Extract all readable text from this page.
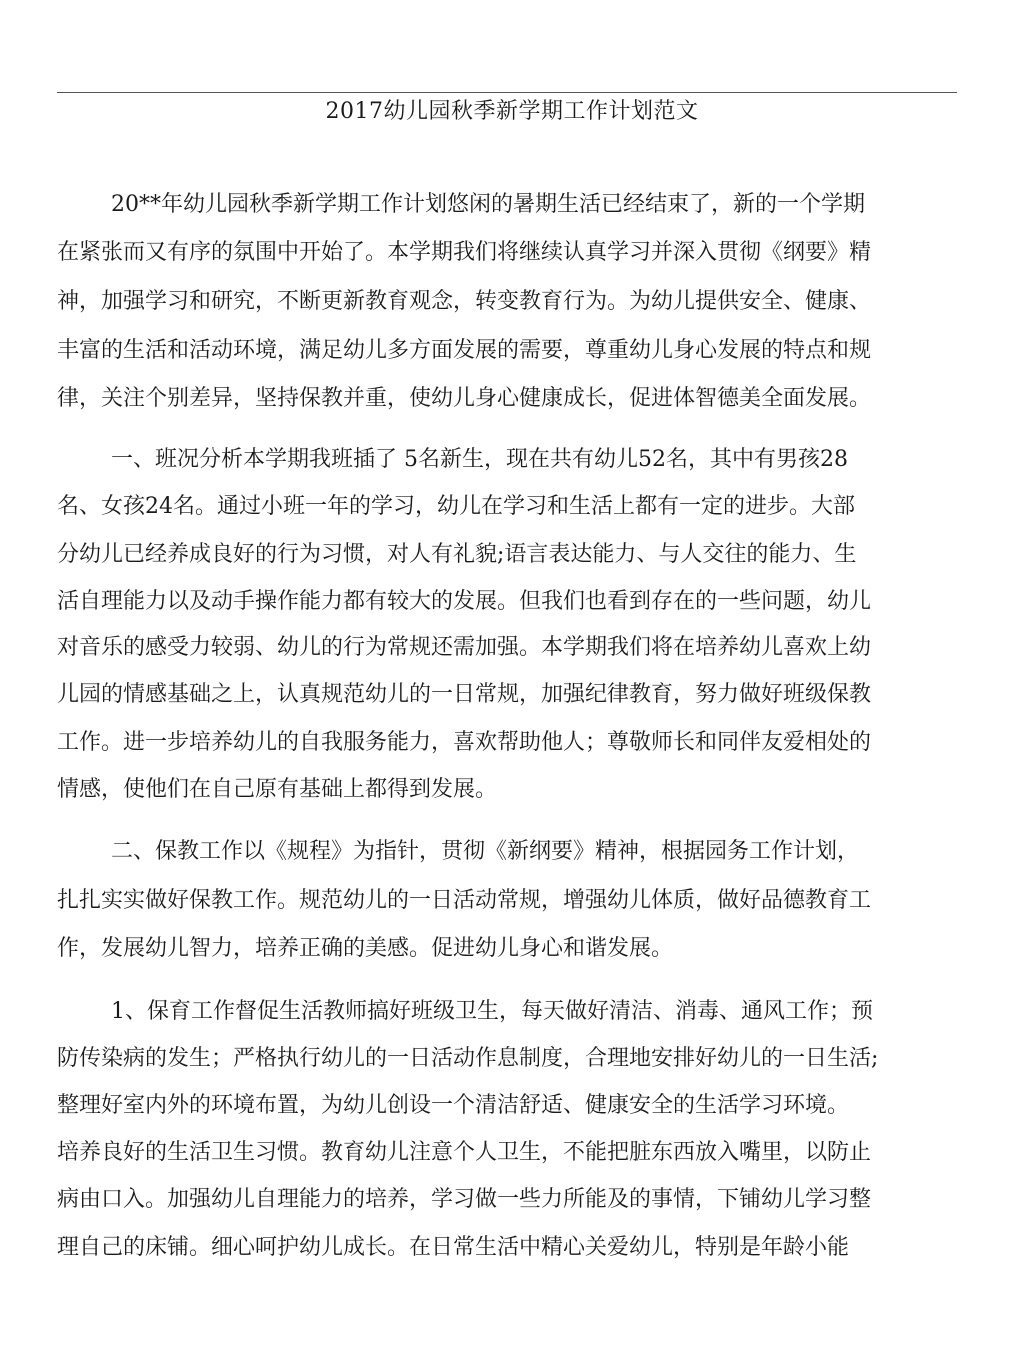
2017幼儿园秋季新学期工作计划范文
20**年幼儿园秋季新学期工作计划悠闲的暑期生活已经结束了，新的一个学期
在紧张而又有序的氛围中开始了。本学期我们将继续认真学习并深入贯彻《纲要》精
神，加强学习和研究，不断更新教育观念，转变教育行为。为幼儿提供安全、健康、
丰富的生活和活动环境，满足幼儿多方面发展的需要，尊重幼儿身心发展的特点和规
律，关注个别差异，坚持保教并重，使幼儿身心健康成长，促进体智德美全面发展。
一、班况分析本学期我班插了 5名新生，现在共有幼儿52名，其中有男孩28
名、女孩24名。通过小班一年的学习，幼儿在学习和生活上都有一定的进步。大部
分幼儿已经养成良好的行为习惯，对人有礼貌;语言表达能力、与人交往的能力、生
活自理能力以及动手操作能力都有较大的发展。但我们也看到存在的一些问题，幼儿
对音乐的感受力较弱、幼儿的行为常规还需加强。本学期我们将在培养幼儿喜欢上幼
儿园的情感基础之上，认真规范幼儿的一日常规，加强纪律教育，努力做好班级保教
工作。进一步培养幼儿的自我服务能力，喜欢帮助他人；尊敬师长和同伴友爱相处的
情感，使他们在自己原有基础上都得到发展。
二、保教工作以《规程》为指针，贯彻《新纲要》精神，根据园务工作计划，
扎扎实实做好保教工作。规范幼儿的一日活动常规，增强幼儿体质，做好品德教育工
作，发展幼儿智力，培养正确的美感。促进幼儿身心和谐发展。
1、保育工作督促生活教师搞好班级卫生，每天做好清洁、消毒、通风工作；预
防传染病的发生；严格执行幼儿的一日活动作息制度，合理地安排好幼儿的一日生活;
整理好室内外的环境布置，为幼儿创设一个清洁舒适、健康安全的生活学习环境。
培养良好的生活卫生习惯。教育幼儿注意个人卫生，不能把脏东西放入嘴里，以防止
病由口入。加强幼儿自理能力的培养，学习做一些力所能及的事情，下铺幼儿学习整
理自己的床铺。细心呵护幼儿成长。在日常生活中精心关爱幼儿，特别是年龄小能
